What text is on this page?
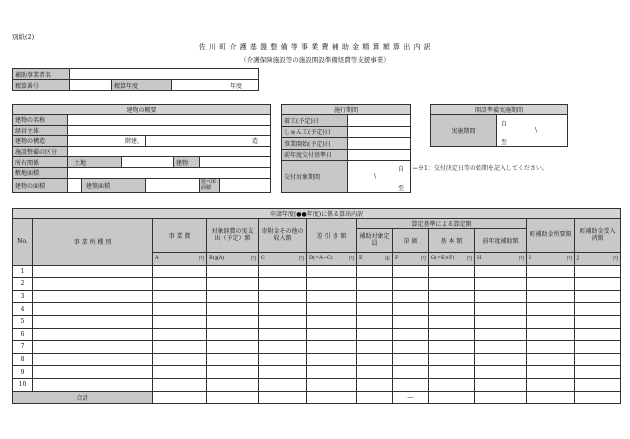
別紙(2)
佐 川 町 介 護 基 盤 整 備 等 事 業 費 補 助 金 精 算 額 算 出 内 訳
（介護保険施設等の施設開設準備経費等支援事業）
補助事業者名			
精算番号		精算年度	年度
建物の概要							
建物の名称							
経営主体							
建物の構造	階建、			造			
施設整備の区分							
所有関係	土地				建物		
敷地面積							
建物の面積		建築面積				延べ床面積	
施行期間	
着工(予定)日	
しゅん工(予定)日	
事業開始(予定)日	
前年度交付基準日	
交付対象期間	自
\
至
開設準備実施期間
実施期間	
自
\
至
←※1：交付決定日等の始期を記入してください。
申請年度(●●年度)に係る算出内訳											
No.	事 業 所 種 別	事 業 費	対象経費の実支出（予定）額	寄附金その他の収入額	差 引 き 額	算定基準による算定額				町補助金所要額	町補助金受入済額
						補助対象定員	単 価	基 本 額	前年度補助額		
		A 円	B(≦A) 円	C 円	D(=A−C) 円	E 床	F 円	G(=E×F) 円	H 円	I 円	J 円

1											
2											
3											
4											
5											
6											
7											
8											
9											
10											
合計							―				
